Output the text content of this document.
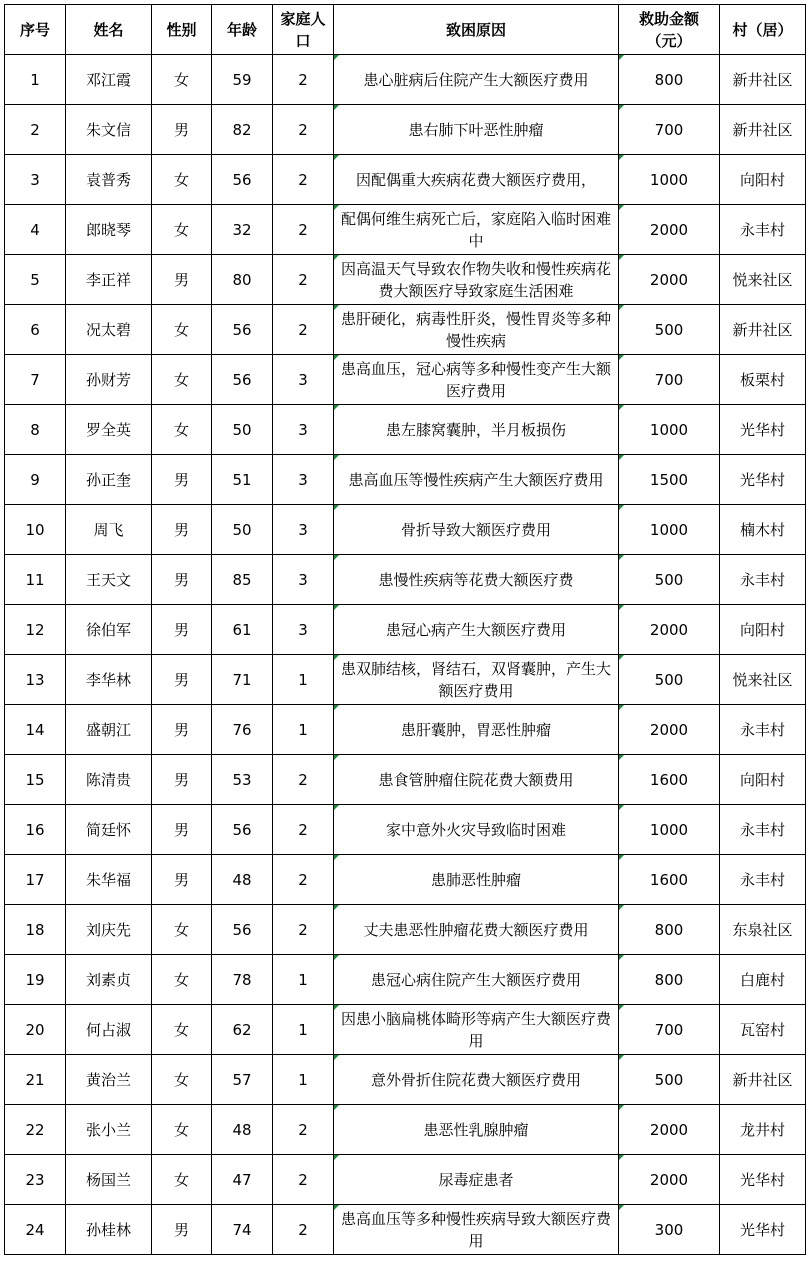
序号	姓名	性别	年龄	家庭人口	致困原因	救助金额（元）	村（居）
1	邓江霞	女	59	2	患心脏病后住院产生大额医疗费用	800	新井社区
2	朱文信	男	82	2	患右肺下叶恶性肿瘤	700	新井社区
3	袁普秀	女	56	2	因配偶重大疾病花费大额医疗费用，	1000	向阳村
4	郎晓琴	女	32	2	配偶何维生病死亡后，家庭陷入临时困难中	2000	永丰村
5	李正祥	男	80	2	因高温天气导致农作物失收和慢性疾病花费大额医疗导致家庭生活困难	2000	悦来社区
6	况太碧	女	56	2	患肝硬化，病毒性肝炎，慢性胃炎等多种慢性疾病	500	新井社区
7	孙财芳	女	56	3	患高血压，冠心病等多种慢性变产生大额医疗费用	700	板栗村
8	罗全英	女	50	3	患左膝窝囊肿，半月板损伤	1000	光华村
9	孙正奎	男	51	3	患高血压等慢性疾病产生大额医疗费用	1500	光华村
10	周飞	男	50	3	骨折导致大额医疗费用	1000	楠木村
11	王天文	男	85	3	患慢性疾病等花费大额医疗费	500	永丰村
12	徐伯军	男	61	3	患冠心病产生大额医疗费用	2000	向阳村
13	李华林	男	71	1	患双肺结核，肾结石，双肾囊肿，产生大额医疗费用	500	悦来社区
14	盛朝江	男	76	1	患肝囊肿，胃恶性肿瘤	2000	永丰村
15	陈清贵	男	53	2	患食管肿瘤住院花费大额费用	1600	向阳村
16	简廷怀	男	56	2	家中意外火灾导致临时困难	1000	永丰村
17	朱华福	男	48	2	患肺恶性肿瘤	1600	永丰村
18	刘庆先	女	56	2	丈夫患恶性肿瘤花费大额医疗费用	800	东泉社区
19	刘素贞	女	78	1	患冠心病住院产生大额医疗费用	800	白鹿村
20	何占淑	女	62	1	因患小脑扁桃体畸形等病产生大额医疗费用	700	瓦窑村
21	黄治兰	女	57	1	意外骨折住院花费大额医疗费用	500	新井社区
22	张小兰	女	48	2	患恶性乳腺肿瘤	2000	龙井村
23	杨国兰	女	47	2	尿毒症患者	2000	光华村
24	孙桂林	男	74	2	患高血压等多种慢性疾病导致大额医疗费用	300	光华村
